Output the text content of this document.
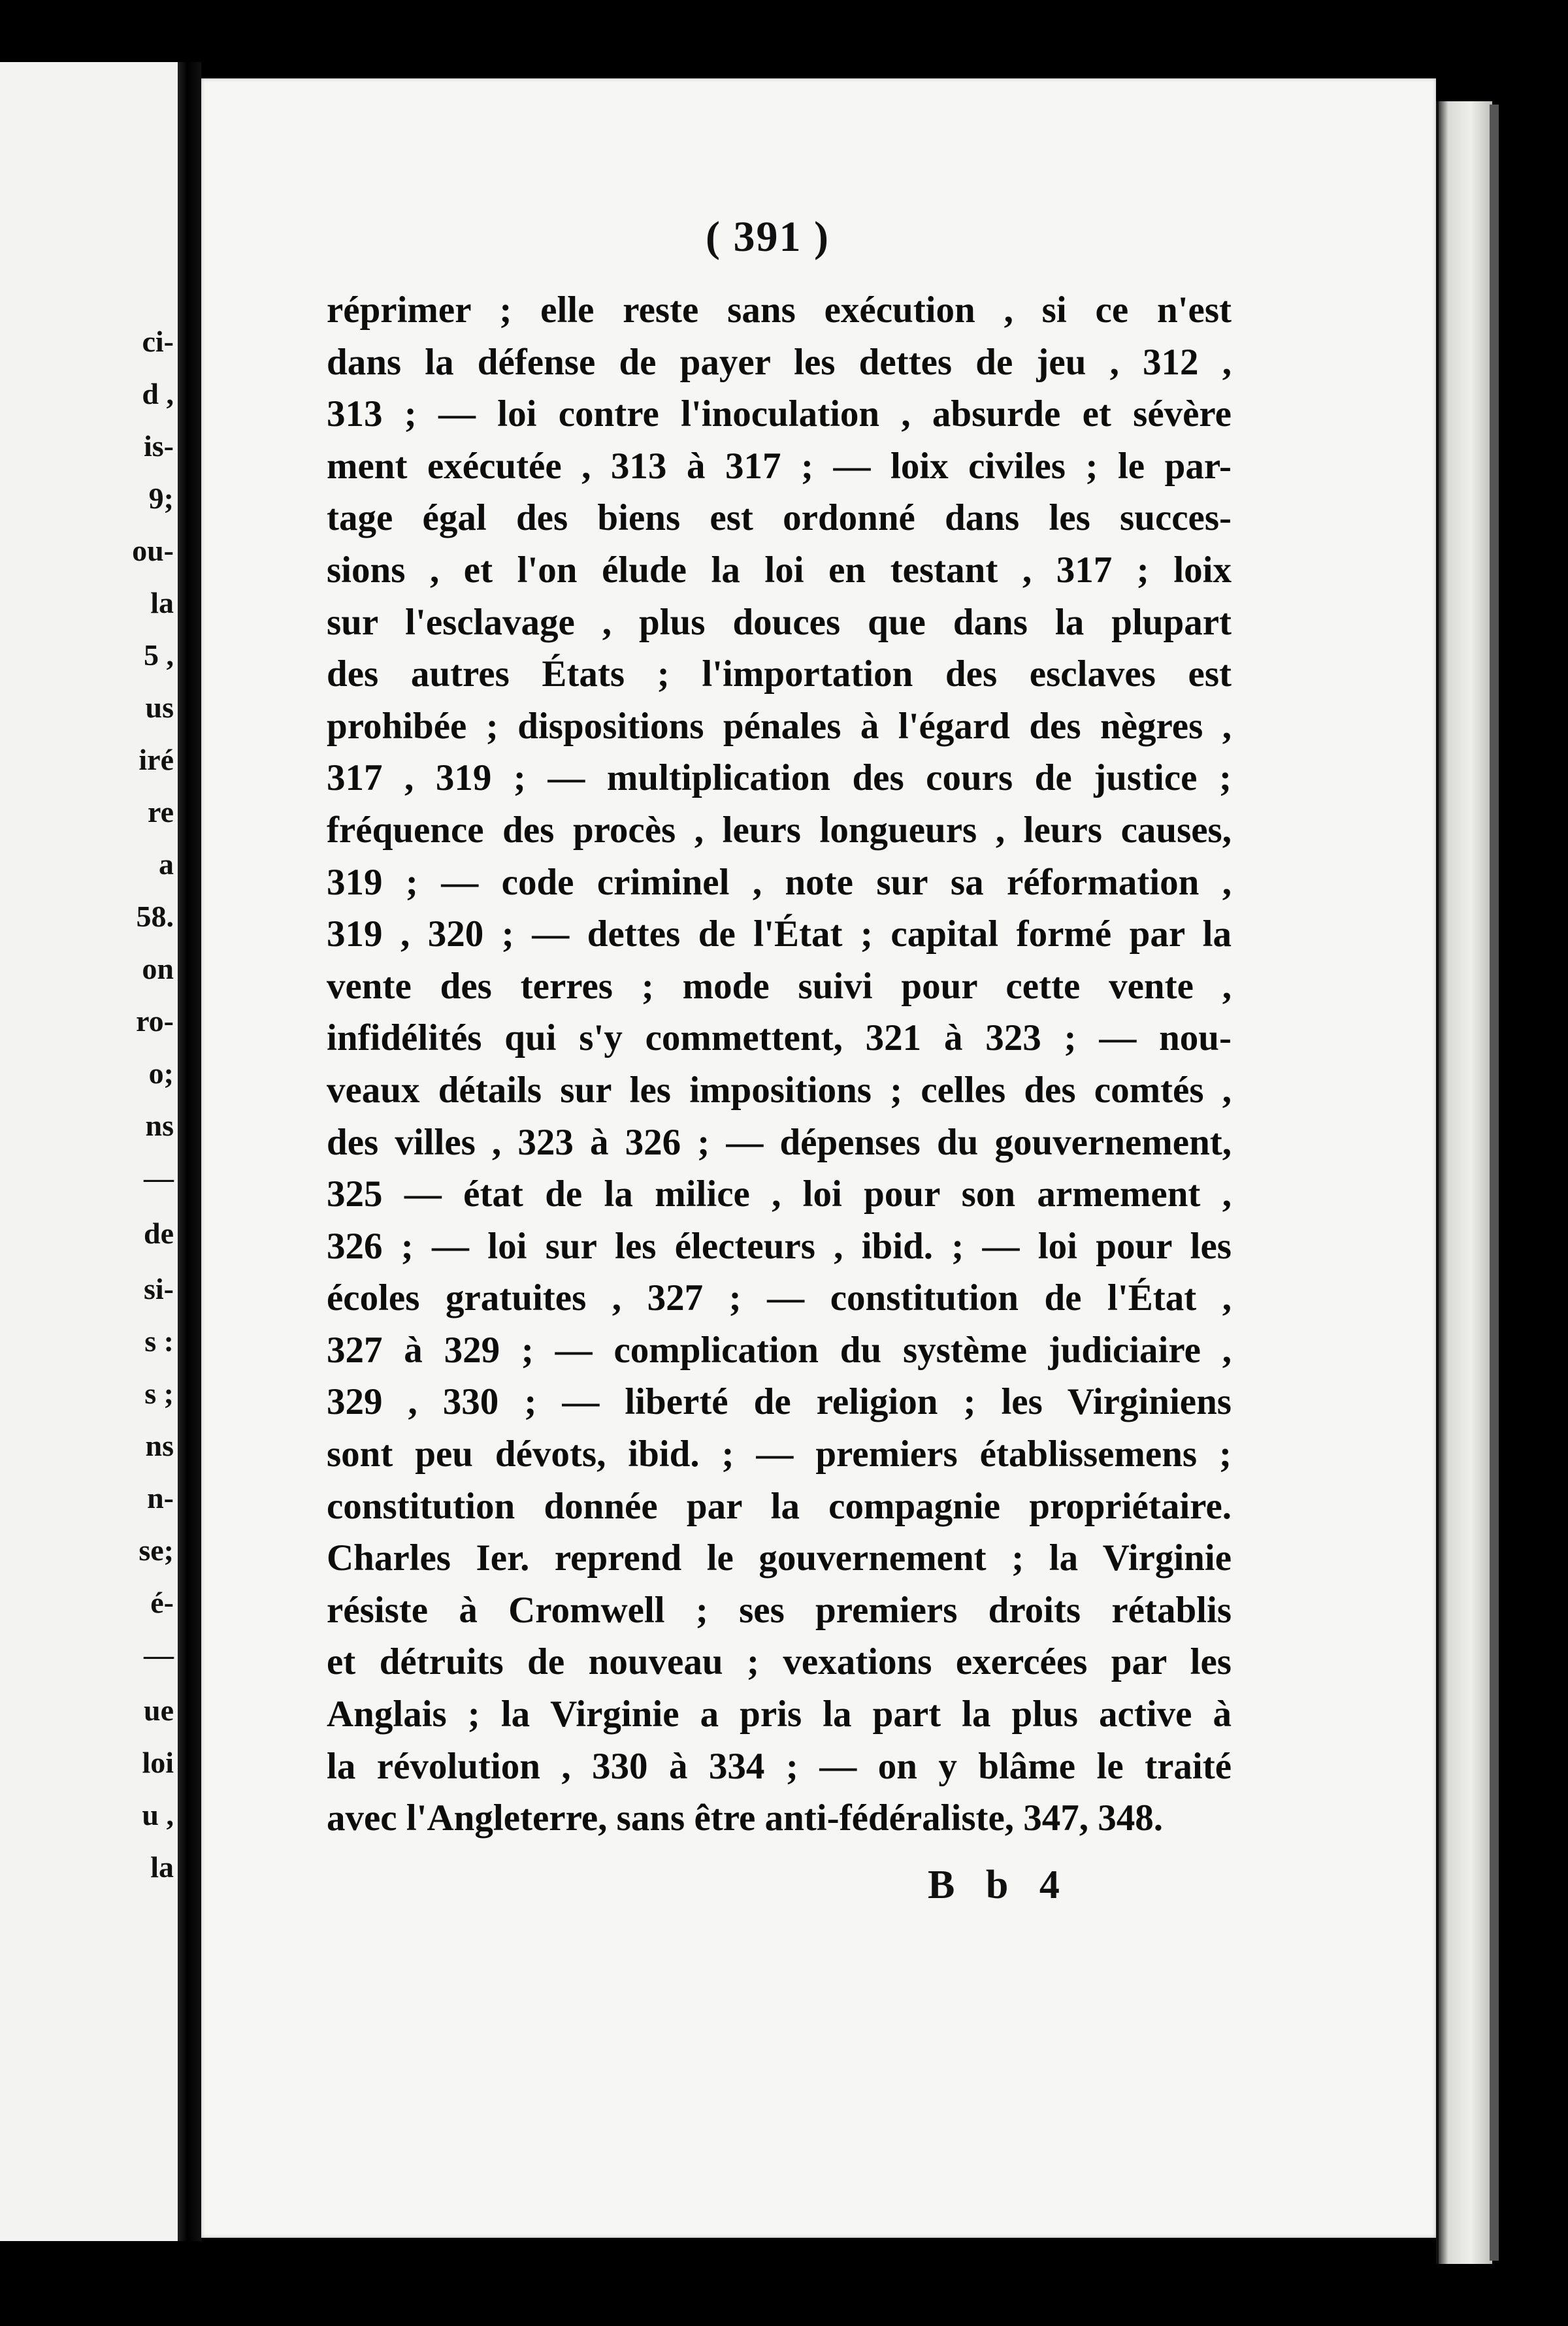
ci-
d ,
is-
9;
ou-
la
5 ,
us
iré
re
a
58.
on
ro-
o;
ns
—
de
si-
s :
s ;
ns
n-
se;
é-
—
ue
loi
u ,
la
( 391 )
réprimer ; elle reste sans exécution , si ce n'est
dans la défense de payer les dettes de jeu , 312 ,
313 ; — loi contre l'inoculation , absurde et sévère
ment exécutée , 313 à 317 ; — loix civiles ; le par-
tage égal des biens est ordonné dans les succes-
sions , et l'on élude la loi en testant , 317 ; loix
sur l'esclavage , plus douces que dans la plupart
des autres États ; l'importation des esclaves est
prohibée ; dispositions pénales à l'égard des nègres ,
317 , 319 ; — multiplication des cours de justice ;
fréquence des procès , leurs longueurs , leurs causes,
319 ; — code criminel , note sur sa réformation ,
319 , 320 ; — dettes de l'État ; capital formé par la
vente des terres ; mode suivi pour cette vente ,
infidélités qui s'y commettent, 321 à 323 ; — nou-
veaux détails sur les impositions ; celles des comtés ,
des villes , 323 à 326 ; — dépenses du gouvernement,
325 — état de la milice , loi pour son armement ,
326 ; — loi sur les électeurs , ibid. ; — loi pour les
écoles gratuites , 327 ; — constitution de l'État ,
327 à 329 ; — complication du système judiciaire ,
329 , 330 ; — liberté de religion ; les Virginiens
sont peu dévots, ibid. ; — premiers établissemens ;
constitution donnée par la compagnie propriétaire.
Charles Ier. reprend le gouvernement ; la Virginie
résiste à Cromwell ; ses premiers droits rétablis
et détruits de nouveau ; vexations exercées par les
Anglais ; la Virginie a pris la part la plus active à
la révolution , 330 à 334 ; — on y blâme le traité
avec l'Angleterre, sans être anti-fédéraliste, 347, 348.
B b 4
